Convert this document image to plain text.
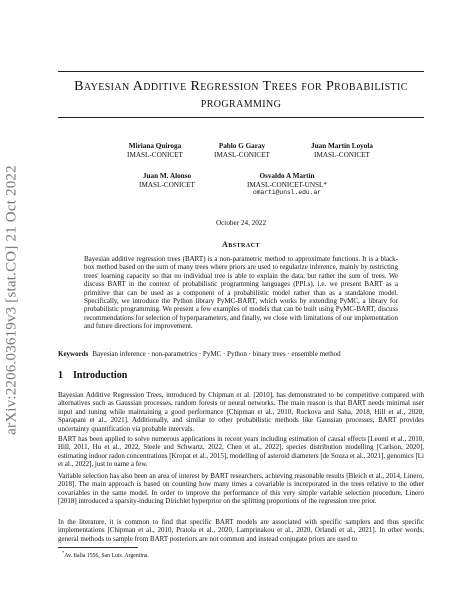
arXiv:2206.03619v3 [stat.CO] 21 Oct 2022
Bayesian Additive Regression Trees for Probabilistic
programming
Miriana Quiroga
IMASL-CONICET
Pablo G Garay
IMASL-CONICET
Juan Martín Loyola
IMASL-CONICET
Juan M. Alonso
IMASL-CONICET
Osvaldo A Martín
IMASL-CONICET-UNSL*
omarti@unsl.edu.ar
October 24, 2022
Abstract
Bayesian additive regression trees (BART) is a non-parametric method to approximate functions. It is a black-box method based on the sum of many trees where priors are used to regularize inference, mainly by restricting trees' learning capacity so that no individual tree is able to explain the data, but rather the sum of trees. We discuss BART in the context of probabilistic programming languages (PPLs), i.e. we present BART as a primitive that can be used as a component of a probabilistic model rather than as a standalone model. Specifically, we introduce the Python library PyMC-BART, which works by extending PyMC, a library for probabilistic programming. We present a few examples of models that can be built using PyMC-BART, discuss recommendations for selection of hyperparameters, and finally, we close with limitations of our implementation and future directions for improvement.
Keywords Bayesian inference · non-parametrics · PyMC · Python · binary trees · ensemble method
1 Introduction
Bayesian Additive Regression Trees, introduced by Chipman et al. [2010], has demonstrated to be competitive compared with alternatives such as Gaussian processes, random forests or neural networks. The main reason is that BART needs minimal user input and tuning while maintaining a good performance [Chipman et al., 2010, Rockova and Saha, 2018, Hill et al., 2020, Sparapani et al., 2021]. Additionally, and similar to other probabilistic methods like Gaussian processes, BART provides uncertainty quantification via probable intervals.
BART has been applied to solve numerous applications in recent years including estimation of causal effects [Leonti et al., 2010, Hill, 2011, Hu et al., 2022, Steele and Schwartz, 2022, Chen et al., 2022], species distribution modelling [Carlson, 2020], estimating indoor radon concentrations [Kropat et al., 2015], modelling of asteroid diameters [de Souza et al., 2021], genomics [Li et al., 2022], just to name a few.
Variable selection has also been an area of interest by BART researchers, achieving reasonable results [Bleich et al., 2014, Linero, 2018]. The main approach is based on counting how many times a covariable is incorporated in the trees relative to the other covariables in the same model. In order to improve the performance of this very simple variable selection procedure, Linero [2018] introduced a sparsity-inducing Dirichlet hyperprior on the splitting proportions of the regression tree prior.
In the literature, it is common to find that specific BART models are associated with specific samplers and thus specific implementations [Chipman et al., 2010, Pratola et al., 2020, Lamprinakou et al., 2020, Orlandi et al., 2021]. In other words, general methods to sample from BART posteriors are not common and instead conjugate priors are used to
*Av. Italia 1556, San Luis. Argentina.
